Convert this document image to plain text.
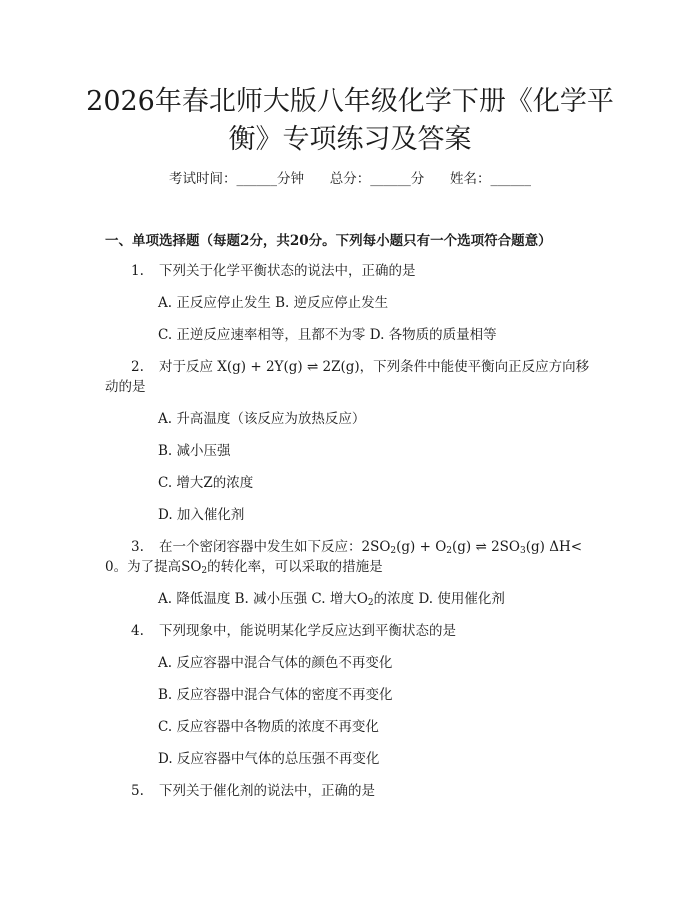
2026年春北师大版八年级化学下册《化学平
衡》专项练习及答案
考试时间：______分钟      总分：______分      姓名：______
一、单项选择题（每题2分，共20分。下列每小题只有一个选项符合题意）
1. 下列关于化学平衡状态的说法中，正确的是
A. 正反应停止发生 B. 逆反应停止发生
C. 正逆反应速率相等，且都不为零 D. 各物质的质量相等
2. 对于反应 X(g) + 2Y(g) ⇌ 2Z(g)，下列条件中能使平衡向正反应方向移
动的是
A. 升高温度（该反应为放热反应）
B. 减小压强
C. 增大Z的浓度
D. 加入催化剂
3. 在一个密闭容器中发生如下反应：$2SO_2(g) + O_2(g)$ ⇌ $2SO_3(g)$ ΔH<
0。为了提高$SO_2$的转化率，可以采取的措施是
A. 降低温度 B. 减小压强 C. 增大$O_2$的浓度 D. 使用催化剂
4. 下列现象中，能说明某化学反应达到平衡状态的是
A. 反应容器中混合气体的颜色不再变化
B. 反应容器中混合气体的密度不再变化
C. 反应容器中各物质的浓度不再变化
D. 反应容器中气体的总压强不再变化
5. 下列关于催化剂的说法中，正确的是
